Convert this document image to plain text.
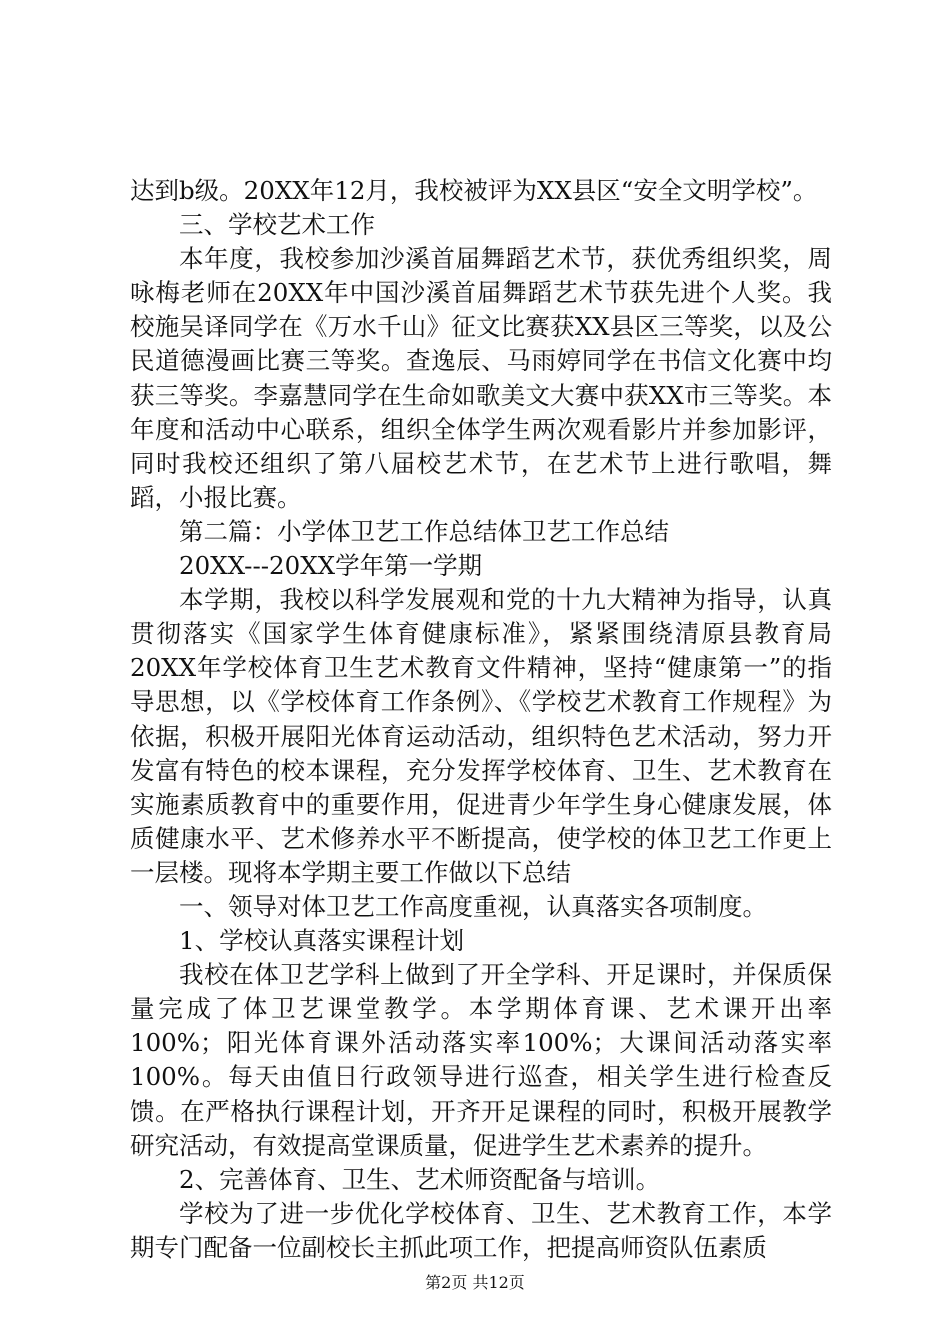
达到b级。20XX年12月，我校被评为XX县区“安全文明学校”。

三、学校艺术工作

本年度，我校参加沙溪首届舞蹈艺术节，获优秀组织奖，周咏梅老师在20XX年中国沙溪首届舞蹈艺术节获先进个人奖。我校施吴译同学在《万水千山》征文比赛获XX县区三等奖，以及公民道德漫画比赛三等奖。查逸辰、马雨婷同学在书信文化赛中均获三等奖。李嘉慧同学在生命如歌美文大赛中获XX市三等奖。本年度和活动中心联系，组织全体学生两次观看影片并参加影评，同时我校还组织了第八届校艺术节，在艺术节上进行歌唱，舞蹈，小报比赛。

第二篇：小学体卫艺工作总结体卫艺工作总结

20XX---20XX学年第一学期

本学期，我校以科学发展观和党的十九大精神为指导，认真贯彻落实《国家学生体育健康标准》，紧紧围绕清原县教育局20XX年学校体育卫生艺术教育文件精神，坚持“健康第一”的指导思想，以《学校体育工作条例》、《学校艺术教育工作规程》为依据，积极开展阳光体育运动活动，组织特色艺术活动，努力开发富有特色的校本课程，充分发挥学校体育、卫生、艺术教育在实施素质教育中的重要作用，促进青少年学生身心健康发展，体质健康水平、艺术修养水平不断提高，使学校的体卫艺工作更上一层楼。现将本学期主要工作做以下总结

一、领导对体卫艺工作高度重视，认真落实各项制度。

1、学校认真落实课程计划

我校在体卫艺学科上做到了开全学科、开足课时，并保质保量完成了体卫艺课堂教学。本学期体育课、艺术课开出率100%；阳光体育课外活动落实率100%；大课间活动落实率100%。每天由值日行政领导进行巡查，相关学生进行检查反馈。在严格执行课程计划，开齐开足课程的同时，积极开展教学研究活动，有效提高堂课质量，促进学生艺术素养的提升。

2、完善体育、卫生、艺术师资配备与培训。

学校为了进一步优化学校体育、卫生、艺术教育工作，本学期专门配备一位副校长主抓此项工作，把提高师资队伍素质

第2页 共12页
